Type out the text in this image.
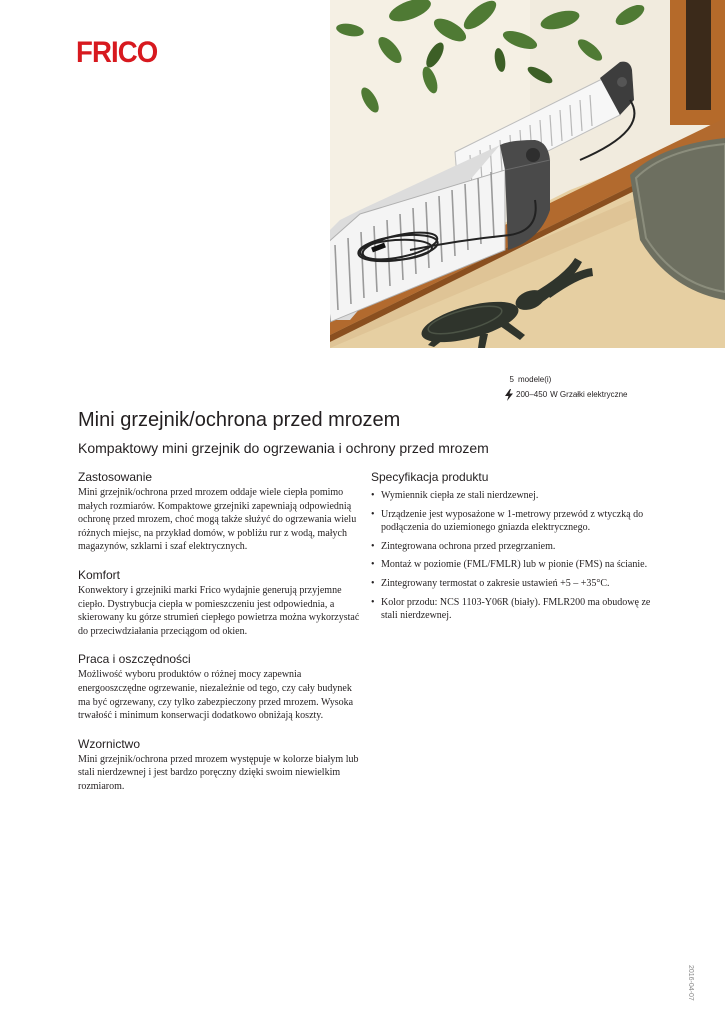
FRICO
5 modele(i)
200–450 W Grzałki elektryczne
Mini grzejnik/ochrona przed mrozem
Kompaktowy mini grzejnik do ogrzewania i ochrony przed mrozem
Zastosowanie

Mini grzejnik/ochrona przed mrozem oddaje wiele ciepła pomimo małych rozmiarów. Kompaktowe grzejniki zapewniają odpowiednią ochronę przed mrozem, choć mogą także służyć do ogrzewania wielu różnych miejsc, na przykład domów, w pobliżu rur z wodą, małych magazynów, szklarni i szaf elektrycznych.

Komfort

Konwektory i grzejniki marki Frico wydajnie generują przyjemne ciepło. Dystrybucja ciepła w pomieszczeniu jest odpowiednia, a skierowany ku górze strumień ciepłego powietrza można wykorzystać do przeciwdziałania przeciągom od okien.

Praca i oszczędności

Możliwość wyboru produktów o różnej mocy zapewnia energooszczędne ogrzewanie, niezależnie od tego, czy cały budynek ma być ogrzewany, czy tylko zabezpieczony przed mrozem. Wysoka trwałość i minimum konserwacji dodatkowo obniżają koszty.

Wzornictwo

Mini grzejnik/ochrona przed mrozem występuje w kolorze białym lub stali nierdzewnej i jest bardzo poręczny dzięki swoim niewielkim rozmiarom.

Specyfikacja produktu
• Wymiennik ciepła ze stali nierdzewnej.
• Urządzenie jest wyposażone w 1-metrowy przewód z wtyczką do podłączenia do uziemionego gniazda elektrycznego.
• Zintegrowana ochrona przed przegrzaniem.
• Montaż w poziomie (FML/FMLR) lub w pionie (FMS) na ścianie.
• Zintegrowany termostat o zakresie ustawień +5 – +35°C.
• Kolor przodu: NCS 1103-Y06R (biały). FMLR200 ma obudowę ze stali nierdzewnej.
2016-04-07
